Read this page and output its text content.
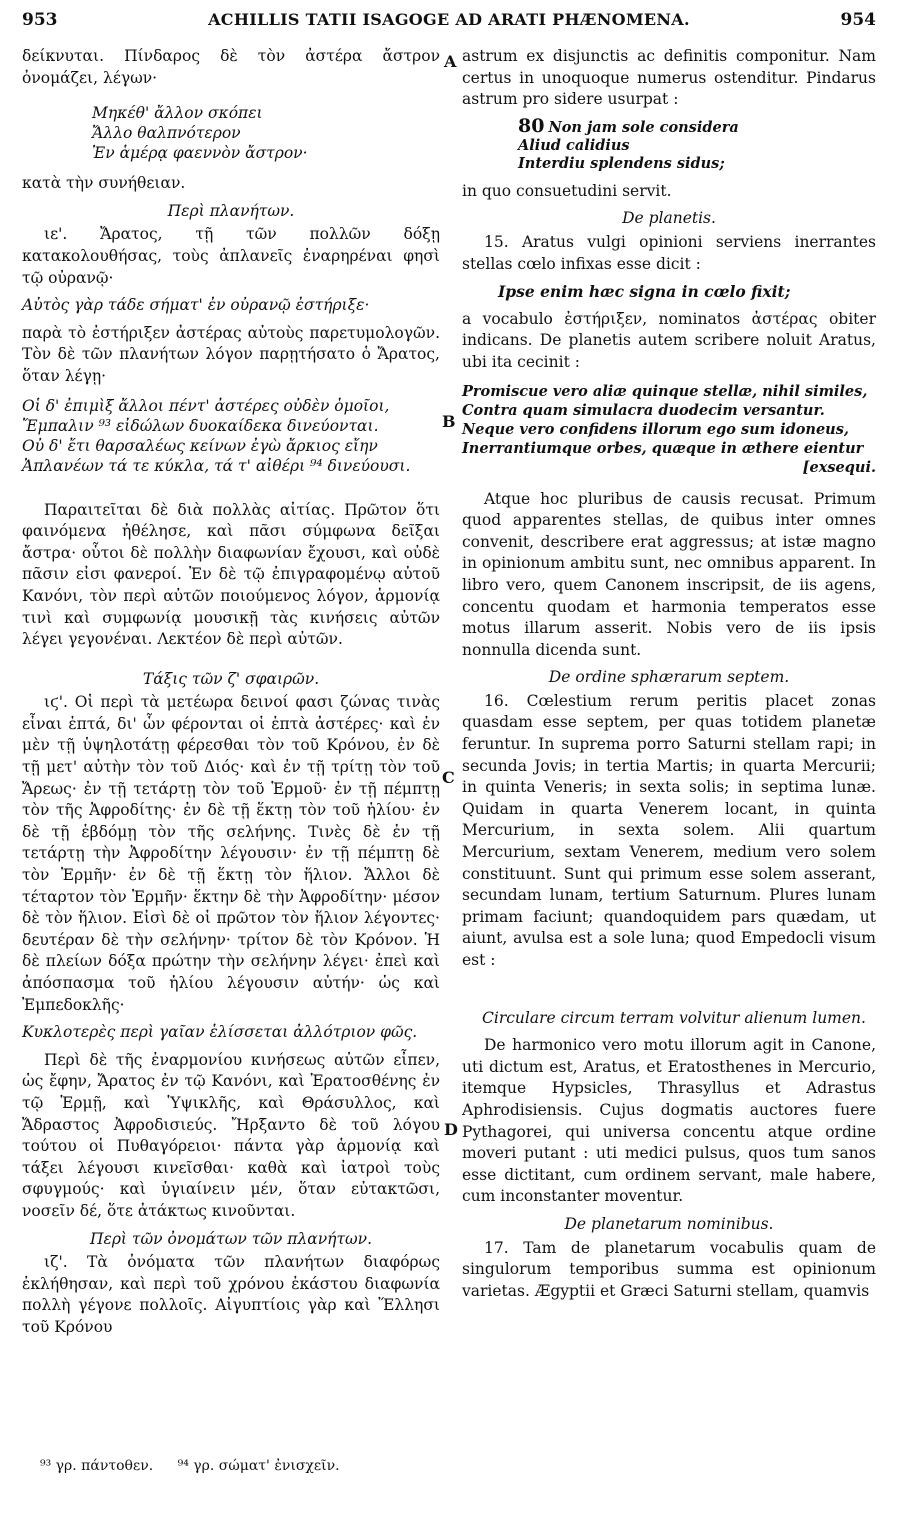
953	ACHILLIS TATII ISAGOGE AD ARATI PHÆNOMENA.	954
A
B
C
D

δείκνυται. Πίνδαρος δὲ τὸν ἀστέρα ἄστρον ὀνομάζει, λέγων·

Μηκέθ' ἄλλον σκόπει
Ἄλλο θαλπνότερον
Ἐν ἁμέρᾳ φαεννὸν ἄστρον·

κατὰ τὴν συνήθειαν.

Περὶ πλανήτων.

ιε'. Ἄρατος, τῇ τῶν πολλῶν δόξῃ κατακολουθήσας, τοὺς ἀπλανεῖς ἐναρηρέναι φησὶ τῷ οὐρανῷ·

Αὐτὸς γὰρ τάδε σήματ' ἐν οὐρανῷ ἐστήριξε·

παρὰ τὸ ἐστήριξεν ἀστέρας αὐτοὺς παρετυμολογῶν. Τὸν δὲ τῶν πλανήτων λόγον παρῃτήσατο ὁ Ἄρατος, ὅταν λέγῃ·

Οἱ δ' ἐπιμὶξ ἄλλοι πέντ' ἀστέρες οὐδὲν ὁμοῖοι,
Ἔμπαλιν ⁹³ εἰδώλων δυοκαίδεκα δινεύονται.
Οὐ δ' ἔτι θαρσαλέως κείνων ἐγὼ ἄρκιος εἴην
Ἀπλανέων τά τε κύκλα, τά τ' αἰθέρι ⁹⁴ δινεύουσι.

Παραιτεῖται δὲ διὰ πολλὰς αἰτίας. Πρῶτον ὅτι φαινόμενα ἠθέλησε, καὶ πᾶσι σύμφωνα δεῖξαι ἄστρα· οὗτοι δὲ πολλὴν διαφωνίαν ἔχουσι, καὶ οὐδὲ πᾶσιν εἰσι φανεροί. Ἐν δὲ τῷ ἐπιγραφομένῳ αὐτοῦ Κανόνι, τὸν περὶ αὐτῶν ποιούμενος λόγον, ἁρμονίᾳ τινὶ καὶ συμφωνίᾳ μουσικῇ τὰς κινήσεις αὐτῶν λέγει γεγονέναι. Λεκτέον δὲ περὶ αὐτῶν.

Τάξις τῶν ζ' σφαιρῶν.

ιϛ'. Οἱ περὶ τὰ μετέωρα δεινοί φασι ζώνας τινὰς εἶναι ἑπτά, δι' ὧν φέρονται οἱ ἑπτὰ ἀστέρες· καὶ ἐν μὲν τῇ ὑψηλοτάτῃ φέρεσθαι τὸν τοῦ Κρόνου, ἐν δὲ τῇ μετ' αὐτὴν τὸν τοῦ Διός· καὶ ἐν τῇ τρίτῃ τὸν τοῦ Ἄρεως· ἐν τῇ τετάρτῃ τὸν τοῦ Ἑρμοῦ· ἐν τῇ πέμπτῃ τὸν τῆς Ἀφροδίτης· ἐν δὲ τῇ ἕκτῃ τὸν τοῦ ἡλίου· ἐν δὲ τῇ ἑβδόμῃ τὸν τῆς σελήνης. Τινὲς δὲ ἐν τῇ τετάρτῃ τὴν Ἀφροδίτην λέγουσιν· ἐν τῇ πέμπτῃ δὲ τὸν Ἑρμῆν· ἐν δὲ τῇ ἕκτῃ τὸν ἥλιον. Ἄλλοι δὲ τέταρτον τὸν Ἑρμῆν· ἕκτην δὲ τὴν Ἀφροδίτην· μέσον δὲ τὸν ἥλιον. Εἰσὶ δὲ οἱ πρῶτον τὸν ἥλιον λέγοντες· δευτέραν δὲ τὴν σελήνην· τρίτον δὲ τὸν Κρόνον. Ἡ δὲ πλείων δόξα πρώτην τὴν σελήνην λέγει· ἐπεὶ καὶ ἀπόσπασμα τοῦ ἡλίου λέγουσιν αὐτήν· ὡς καὶ Ἐμπεδοκλῆς·

Κυκλοτερὲς περὶ γαῖαν ἑλίσσεται ἀλλότριον φῶς.

Περὶ δὲ τῆς ἐναρμονίου κινήσεως αὐτῶν εἶπεν, ὡς ἔφην, Ἄρατος ἐν τῷ Κανόνι, καὶ Ἐρατοσθένης ἐν τῷ Ἑρμῇ, καὶ Ὑψικλῆς, καὶ Θράσυλλος, καὶ Ἄδραστος Ἀφροδισιεύς. Ἤρξαντο δὲ τοῦ λόγου τούτου οἱ Πυθαγόρειοι· πάντα γὰρ ἁρμονίᾳ καὶ τάξει λέγουσι κινεῖσθαι· καθὰ καὶ ἰατροὶ τοὺς σφυγμούς· καὶ ὑγιαίνειν μέν, ὅταν εὐτακτῶσι, νοσεῖν δέ, ὅτε ἀτάκτως κινοῦνται.

Περὶ τῶν ὀνομάτων τῶν πλανήτων.

ιζ'. Τὰ ὀνόματα τῶν πλανήτων διαφόρως ἐκλήθησαν, καὶ περὶ τοῦ χρόνου ἑκάστου διαφωνία πολλὴ γέγονε πολλοῖς. Αἰγυπτίοις γὰρ καὶ Ἕλλησι τοῦ Κρόνου

astrum ex disjunctis ac definitis componitur. Nam certus in unoquoque numerus ostenditur. Pindarus astrum pro sidere usurpat :

80 Non jam sole considera
Aliud calidius
Interdiu splendens sidus;

in quo consuetudini servit.

De planetis.

15. Aratus vulgi opinioni serviens inerrantes stellas cœlo infixas esse dicit :

Ipse enim hæc signa in cœlo fixit;

a vocabulo ἐστήριξεν, nominatos ἀστέρας obiter indicans. De planetis autem scribere noluit Aratus, ubi ita cecinit :

Promiscue vero aliæ quinque stellæ, nihil similes,
Contra quam simulacra duodecim versantur.
Neque vero confidens illorum ego sum idoneus,
Inerrantiumque orbes, quæque in æthere eientur
[exsequi.

Atque hoc pluribus de causis recusat. Primum quod apparentes stellas, de quibus inter omnes convenit, describere erat aggressus; at istæ magno in opinionum ambitu sunt, nec omnibus apparent. In libro vero, quem Canonem inscripsit, de iis agens, concentu quodam et harmonia temperatos esse motus illarum asserit. Nobis vero de iis ipsis nonnulla dicenda sunt.

De ordine sphærarum septem.

16. Cœlestium rerum peritis placet zonas quasdam esse septem, per quas totidem planetæ feruntur. In suprema porro Saturni stellam rapi; in secunda Jovis; in tertia Martis; in quarta Mercurii; in quinta Veneris; in sexta solis; in septima lunæ. Quidam in quarta Venerem locant, in quinta Mercurium, in sexta solem. Alii quartum Mercurium, sextam Venerem, medium vero solem constituunt. Sunt qui primum esse solem asserant, secundam lunam, tertium Saturnum. Plures lunam primam faciunt; quandoquidem pars quædam, ut aiunt, avulsa est a sole luna; quod Empedocli visum est :

Circulare circum terram volvitur alienum lumen.

De harmonico vero motu illorum agit in Canone, uti dictum est, Aratus, et Eratosthenes in Mercurio, itemque Hypsicles, Thrasyllus et Adrastus Aphrodisiensis. Cujus dogmatis auctores fuere Pythagorei, qui universa concentu atque ordine moveri putant : uti medici pulsus, quos tum sanos esse dictitant, cum ordinem servant, male habere, cum inconstanter moventur.

De planetarum nominibus.

17. Tam de planetarum vocabulis quam de singulorum temporibus summa est opinionum varietas. Ægyptii et Græci Saturni stellam, quamvis

⁹³ γρ. πάντοθεν. ⁹⁴ γρ. σώματ' ἐνισχεῖν.
